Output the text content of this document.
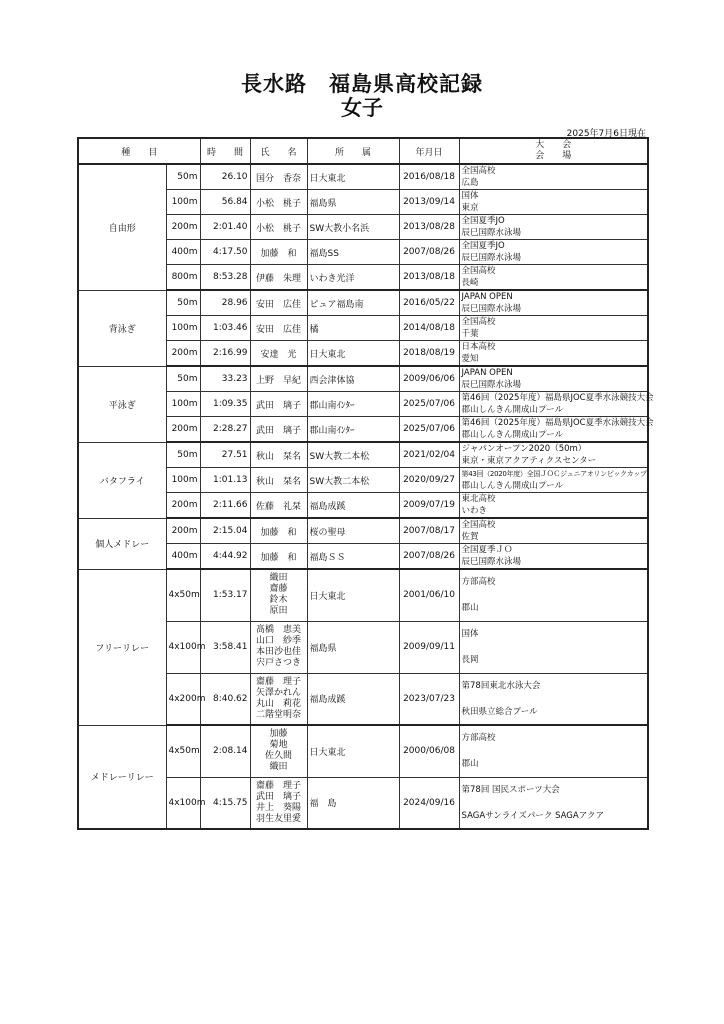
長水路　福島県高校記録
女子
2025年7月6日現在
種　　目		時　　間	氏　　名	所　　属	年月日	大　　会
会　　場

自由形	50m	26.10	国分　香奈	日大東北	2016/08/18	全国高校
広島

	100m	56.84	小松　桃子	福島県	2013/09/14	国体
東京

	200m	2:01.40	小松　桃子	SW大教小名浜	2013/08/28	全国夏季JO
辰巳国際水泳場

	400m	4:17.50	加藤　和	福島SS	2007/08/26	全国夏季JO
辰巳国際水泳場

	800m	8:53.28	伊藤　朱理	いわき光洋	2013/08/18	全国高校
長崎

背泳ぎ	50m	28.96	安田　広佳	ピュア福島南	2016/05/22	JAPAN OPEN
辰巳国際水泳場

	100m	1:03.46	安田　広佳	橘	2014/08/18	全国高校
千葉

	200m	2:16.99	安達　光	日大東北	2018/08/19	日本高校
愛知

平泳ぎ	50m	33.23	上野　早紀	西会津体協	2009/06/06	JAPAN OPEN
辰巳国際水泳場

	100m	1:09.35	武田　璃子	郡山南ｲﾝﾀｰ	2025/07/06	第46回（2025年度）福島県JOC夏季水泳競技大会
郡山しんきん開成山プール

	200m	2:28.27	武田　璃子	郡山南ｲﾝﾀｰ	2025/07/06	第46回（2025年度）福島県JOC夏季水泳競技大会
郡山しんきん開成山プール

バタフライ	50m	27.51	秋山　栞名	SW大教二本松	2021/02/04	ジャパンオープン2020（50m）
東京・東京アクアティクスセンター

	100m	1:01.13	秋山　栞名	SW大教二本松	2020/09/27	第43回（2020年度）全国ＪＯＣジュニアオリンピックカップ
郡山しんきん開成山プール

	200m	2:11.66	佐藤　礼栞	福島成蹊	2009/07/19	東北高校
いわき

個人メドレー	200m	2:15.04	加藤　和	桜の聖母	2007/08/17	全国高校
佐賀

	400m	4:44.92	加藤　和	福島ＳＳ	2007/08/26	全国夏季ＪＯ
辰巳国際水泳場

フリーリレー	4x50m	1:53.17	織田
齋藤
鈴木
原田	日大東北	2001/06/10	方部高校
郡山

	4x100m	3:58.41	髙橋　恵美
山口　紗季
本田沙也佳
宍戸さつき	福島県	2009/09/11	国体
長岡

	4x200m	8:40.62	齋藤　理子
矢澤かれん
丸山　莉花
二階堂明奈	福島成蹊	2023/07/23	第78回東北水泳大会
秋田県立総合プール

メドレーリレー	4x50m	2:08.14	加藤
菊地
佐久間
織田	日大東北	2000/06/08	方部高校
郡山

	4x100m	4:15.75	齋藤　理子
武田　璃子
井上　葵陽
羽生友里愛	福　島	2024/09/16	第78回 国民スポーツ大会
SAGAサンライズパーク SAGAアクア
